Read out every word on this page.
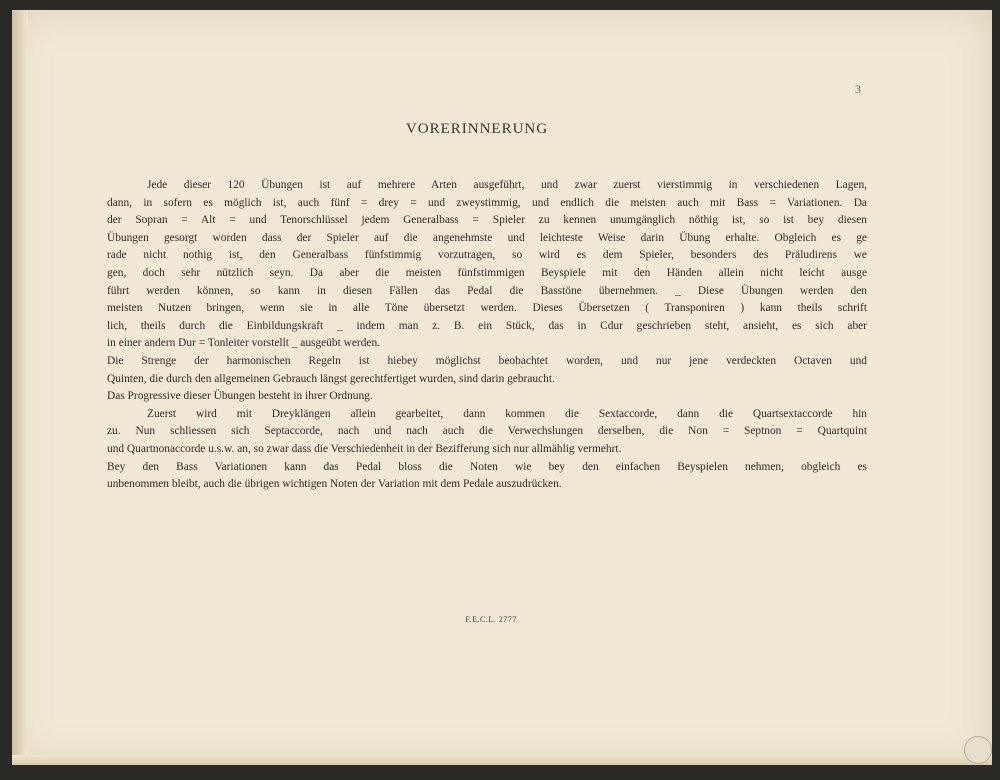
3
VORERINNERUNG
Jede dieser 120 Übungen ist auf mehrere Arten ausgeführt, und zwar zuerst vierstimmig in verschiedenen Lagen,
dann, in sofern es möglich ist, auch fünf = drey = und zweystimmig, und endlich die meisten auch mit Bass = Variationen. Da
der Sopran = Alt = und Tenorschlüssel jedem Generalbass = Spieler zu kennen unumgänglich nöthig ist, so ist bey diesen
Übungen gesorgt worden dass der Spieler auf die angenehmste und leichteste Weise darin Übung erhalte. Obgleich es ge
rade nicht nothig ist, den Generalbass fünfstimmig vorzutragen, so wird es dem Spieler, besonders des Präludirens we
gen, doch sehr nützlich seyn. Da aber die meisten fünfstimmigen Beyspiele mit den Händen allein nicht leicht ausge
führt werden können, so kann in diesen Fällen das Pedal die Basstöne übernehmen. _ Diese Übungen werden den
meisten Nutzen bringen, wenn sie in alle Töne übersetzt werden. Dieses Übersetzen ( Transponiren ) kann theils schrift
lich, theils durch die Einbildungskraft _ indem man z. B. ein Stück, das in Cdur geschrieben steht, ansieht, es sich aber
in einer andern Dur = Tonleiter vorstellt _ ausgeübt werden.
Die Strenge der harmonischen Regeln ist hiebey möglichst beobachtet worden, und nur jene verdeckten Octaven und
Quinten, die durch den allgemeinen Gebrauch längst gerechtfertiget wurden, sind darin gebraucht.
Das Progressive dieser Übungen besteht in ihrer Ordnung.
Zuerst wird mit Dreyklängen allein gearbeitet, dann kommen die Sextaccorde, dann die Quartsextaccorde hin
zu. Nun schliessen sich Septaccorde, nach und nach auch die Verwechslungen derselben, die Non = Septnon = Quartquint
und Quartnonaccorde u.s.w. an, so zwar dass die Verschiedenheit in der Bezifferung sich nur allmählig vermehrt.
Bey den Bass Variationen kann das Pedal bloss die Noten wie bey den einfachen Beyspielen nehmen, obgleich es
unbenommen bleibt, auch die übrigen wichtigen Noten der Variation mit dem Pedale auszudrücken.
F.E.C.L. 2777
